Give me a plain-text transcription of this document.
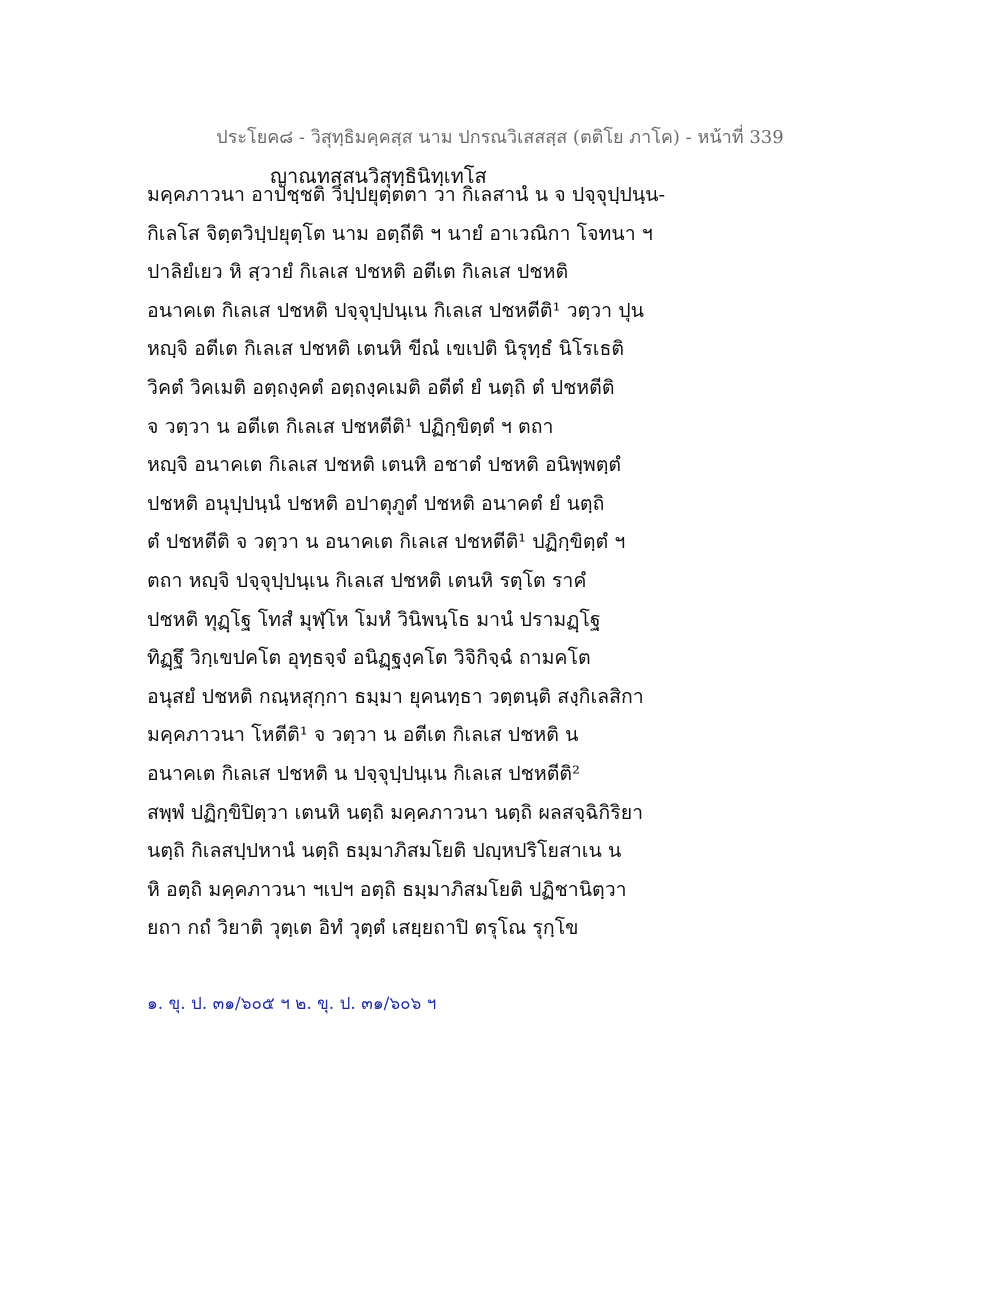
ประโยค๘ - วิสุทฺธิมคฺคสฺส นาม ปกรณวิเสสสฺส (ตติโย ภาโค) - หน้าที่ 339
ญาณทสฺสนวิสุทฺธินิทฺเทโส
มคฺคภาวนา อาปชฺชติ วิปฺปยุตฺตตา วา กิเลสานํ น จ ปจฺจุปฺปนฺน-
กิเลโส จิตฺตวิปฺปยุตฺโต นาม อตฺถีติ ฯ นายํ อาเวณิกา โจทนา ฯ
ปาลิยํเยว หิ สฺวายํ กิเลเส ปชหติ อตีเต กิเลเส ปชหติ
อนาคเต กิเลเส ปชหติ ปจฺจุปฺปนฺเน กิเลเส ปชหตีติ¹ วตฺวา ปุน
หญฺจิ อตีเต กิเลเส ปชหติ เตนหิ ขีณํ เขเปติ นิรุทฺธํ นิโรเธติ
วิคตํ วิคเมติ อตฺถงฺคตํ อตฺถงฺคเมติ อตีตํ ยํ นตฺถิ ตํ ปชหตีติ
จ วตฺวา น อตีเต กิเลเส ปชหตีติ¹ ปฏิกฺขิตฺตํ ฯ ตถา
หญฺจิ อนาคเต กิเลเส ปชหติ เตนหิ อชาตํ ปชหติ อนิพฺพตฺตํ
ปชหติ อนุปฺปนฺนํ ปชหติ อปาตุภูตํ ปชหติ อนาคตํ ยํ นตฺถิ
ตํ ปชหตีติ จ วตฺวา น อนาคเต กิเลเส ปชหตีติ¹ ปฏิกฺขิตฺตํ ฯ
ตถา หญฺจิ ปจฺจุปฺปนฺเน กิเลเส ปชหติ เตนหิ รตฺโต ราคํ
ปชหติ ทุฏฺโฐ โทสํ มุฬฺโห โมหํ วินิพนฺโธ มานํ ปรามฏฺโฐ
ทิฏฺฐึ วิกฺเขปคโต อุทฺธจฺจํ อนิฏฺฐงฺคโต วิจิกิจฺฉํ ถามคโต
อนุสยํ ปชหติ กณฺหสุกฺกา ธมฺมา ยุคนทฺธา วตฺตนฺติ สงฺกิเลสิกา
มคฺคภาวนา โหตีติ¹ จ วตฺวา น อตีเต กิเลเส ปชหติ น
อนาคเต กิเลเส ปชหติ น ปจฺจุปฺปนฺเน กิเลเส ปชหตีติ²
สพฺพํ ปฏิกฺขิปิตฺวา เตนหิ นตฺถิ มคฺคภาวนา นตฺถิ ผลสจฺฉิกิริยา
นตฺถิ กิเลสปฺปหานํ นตฺถิ ธมฺมาภิสมโยติ ปญฺหปริโยสาเน น
หิ อตฺถิ มคฺคภาวนา ฯเปฯ อตฺถิ ธมฺมาภิสมโยติ ปฏิชานิตฺวา
ยถา กถํ วิยาติ วุตฺเต อิทํ วุตฺตํ เสยฺยถาปิ ตรุโณ รุกฺโข
๑. ขุ. ป. ๓๑/๖๐๕ ฯ ๒. ขุ. ป. ๓๑/๖๐๖ ฯ
